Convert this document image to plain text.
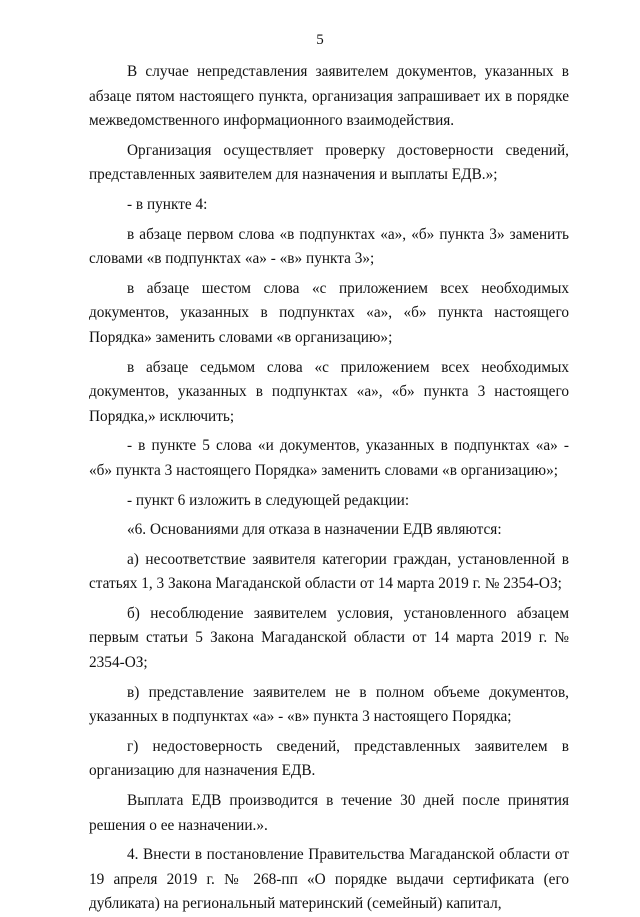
5

В случае непредставления заявителем документов, указанных в абзаце пятом настоящего пункта, организация запрашивает их в порядке межведомственного информационного взаимодействия.

Организация осуществляет проверку достоверности сведений, представленных заявителем для назначения и выплаты ЕДВ.»;

- в пункте 4:

в абзаце первом слова «в подпунктах «а», «б» пункта 3» заменить словами «в подпунктах «а» - «в» пункта 3»;

в абзаце шестом слова «с приложением всех необходимых документов, указанных в подпунктах «а», «б» пункта настоящего Порядка» заменить словами «в организацию»;

в абзаце седьмом слова «с приложением всех необходимых документов, указанных в подпунктах «а», «б» пункта 3 настоящего Порядка,» исключить;

- в пункте 5 слова «и документов, указанных в подпунктах «а» - «б» пункта 3 настоящего Порядка» заменить словами «в организацию»;

- пункт 6 изложить в следующей редакции:

«6. Основаниями для отказа в назначении ЕДВ являются:

а) несоответствие заявителя категории граждан, установленной в статьях 1, 3 Закона Магаданской области от 14 марта 2019 г. № 2354-ОЗ;

б) несоблюдение заявителем условия, установленного абзацем первым статьи 5 Закона Магаданской области от 14 марта 2019 г. № 2354-ОЗ;

в) представление заявителем не в полном объеме документов, указанных в подпунктах «а» - «в» пункта 3 настоящего Порядка;

г) недостоверность сведений, представленных заявителем в организацию для назначения ЕДВ.

Выплата ЕДВ производится в течение 30 дней после принятия решения о ее назначении.».

4. Внести в постановление Правительства Магаданской области от 19 апреля 2019 г. № 268-пп «О порядке выдачи сертификата (его дубликата) на региональный материнский (семейный) капитал,
